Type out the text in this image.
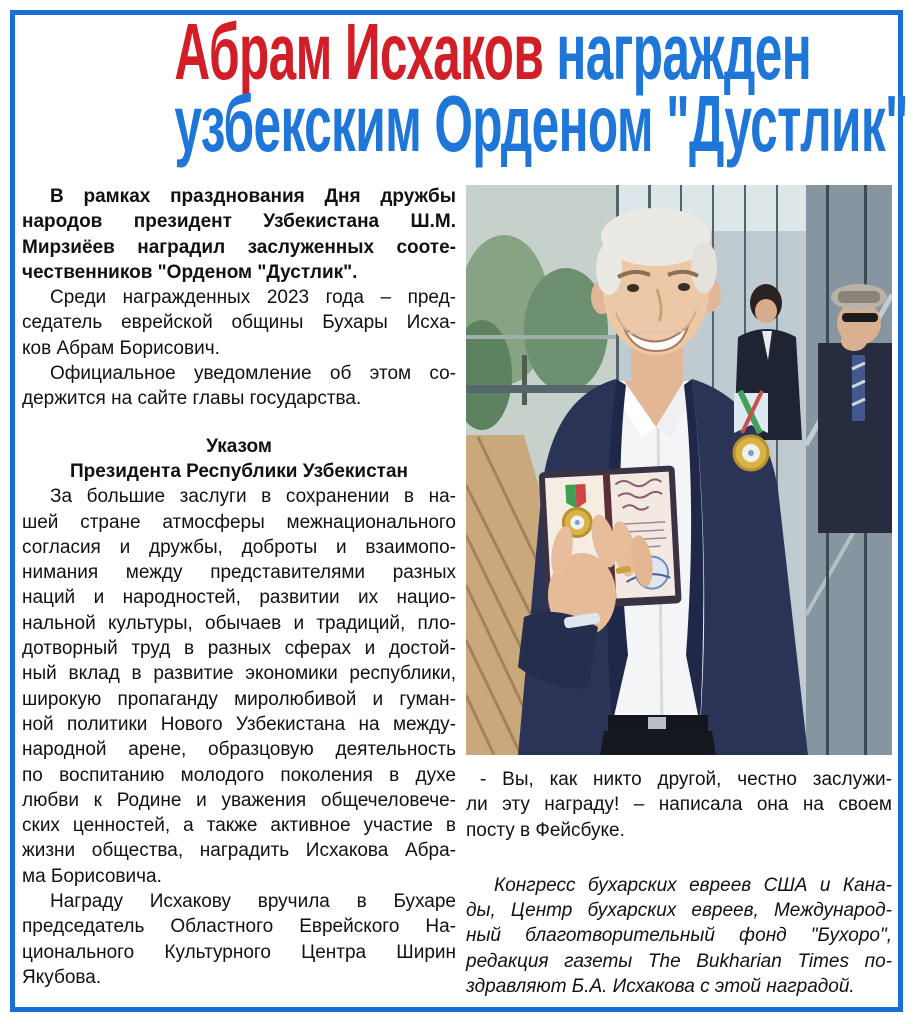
Абрам Исхаков награжден
узбекским Орденом "Дустлик"
В рамках празднования Дня дружбы
народов президент Узбекистана Ш.М.
Мирзиёев наградил заслуженных сооте-
чественников "Орденом "Дустлик".
Среди награжденных 2023 года – пред-
седатель еврейской общины Бухары Исха-
ков Абрам Борисович.
Официальное уведомление об этом со-
держится на сайте главы государства.
Указом
Президента Республики Узбекистан
За большие заслуги в сохранении в на-
шей стране атмосферы межнационального
согласия и дружбы, доброты и взаимопо-
нимания между представителями разных
наций и народностей, развитии их нацио-
нальной культуры, обычаев и традиций, пло-
дотворный труд в разных сферах и достой-
ный вклад в развитие экономики республики,
широкую пропаганду миролюбивой и гуман-
ной политики Нового Узбекистана на между-
народной арене, образцовую деятельность
по воспитанию молодого поколения в духе
любви к Родине и уважения общечеловече-
ских ценностей, а также активное участие в
жизни общества, наградить Исхакова Абра-
ма Борисовича.
Награду Исхакову вручила в Бухаре
председатель Областного Еврейского На-
ционального Культурного Центра Ширин
Якубова.
- Вы, как никто другой, честно заслужи-
ли эту награду! – написала она на своем
посту в Фейсбуке.
Конгресс бухарских евреев США и Кана-
ды, Центр бухарских евреев, Международ-
ный благотворительный фонд "Бухоро",
редакция газеты The Bukharian Times по-
здравляют Б.А. Исхакова с этой наградой.
